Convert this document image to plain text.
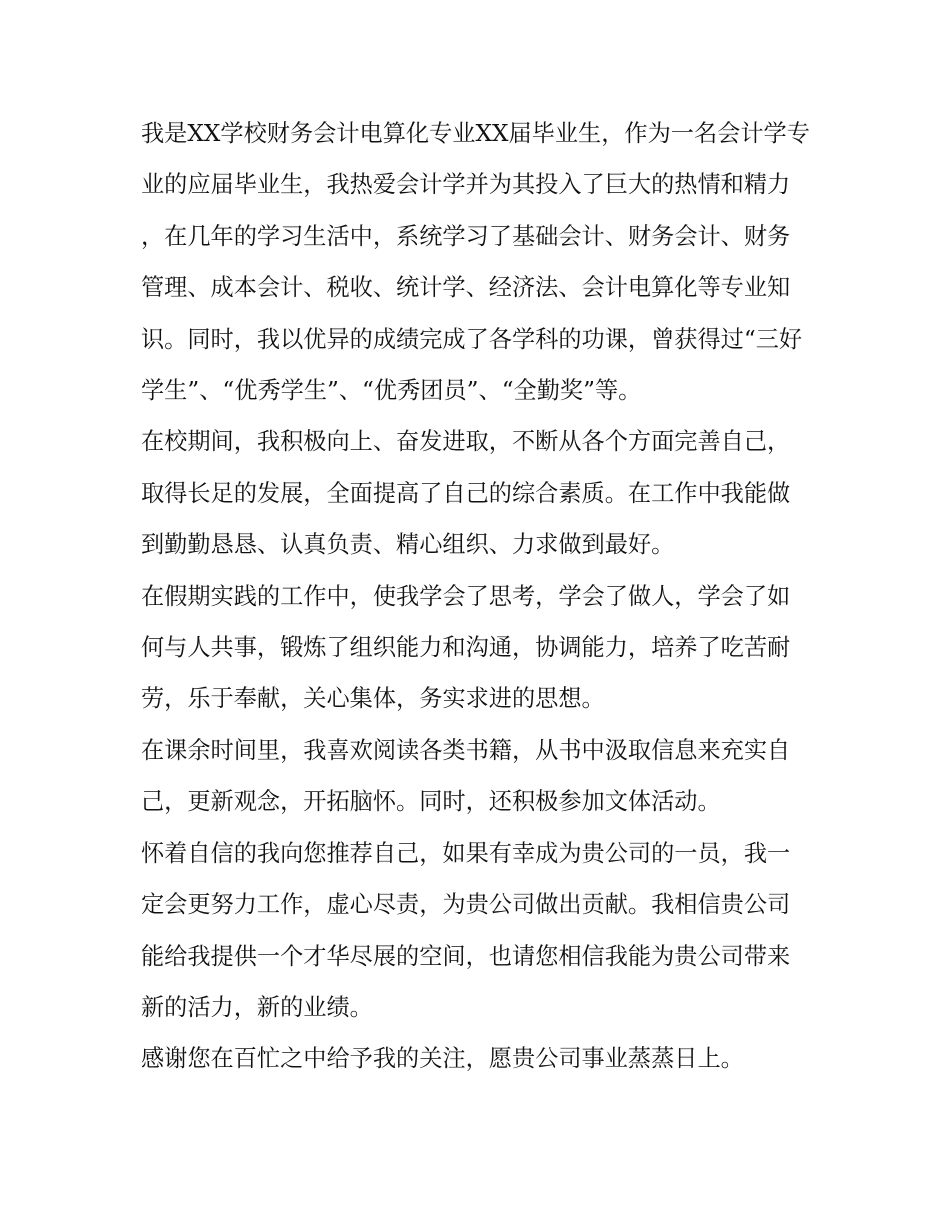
我是XX学校财务会计电算化专业XX届毕业生，作为一名会计学专业的应届毕业生，我热爱会计学并为其投入了巨大的热情和精力，在几年的学习生活中，系统学习了基础会计、财务会计、财务管理、成本会计、税收、统计学、经济法、会计电算化等专业知识。同时，我以优异的成绩完成了各学科的功课，曾获得过“三好学生”、“优秀学生”、“优秀团员”、“全勤奖”等。

在校期间，我积极向上、奋发进取，不断从各个方面完善自己，取得长足的发展，全面提高了自己的综合素质。在工作中我能做到勤勤恳恳、认真负责、精心组织、力求做到最好。

在假期实践的工作中，使我学会了思考，学会了做人，学会了如何与人共事，锻炼了组织能力和沟通，协调能力，培养了吃苦耐劳，乐于奉献，关心集体，务实求进的思想。

在课余时间里，我喜欢阅读各类书籍，从书中汲取信息来充实自己，更新观念，开拓脑怀。同时，还积极参加文体活动。

怀着自信的我向您推荐自己，如果有幸成为贵公司的一员，我一定会更努力工作，虚心尽责，为贵公司做出贡献。我相信贵公司能给我提供一个才华尽展的空间，也请您相信我能为贵公司带来新的活力，新的业绩。

感谢您在百忙之中给予我的关注，愿贵公司事业蒸蒸日上。
